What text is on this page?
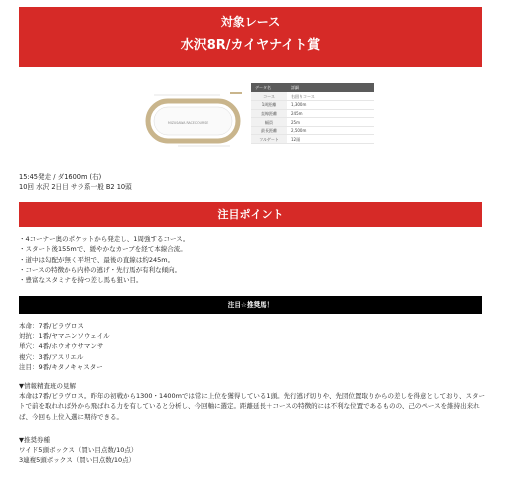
対象レース
水沢8R/カイヤナイト賞
MIZUSAWA RACECOURSE
データ名	詳細
コース	右回りコース
1周距離	1,300m
直線距離	245m
幅員	25m
最長距離	2,500m
フルゲート	12頭
15:45発走 / ダ1600m (右)
10回 水沢 2日目 サラ系一般 B2 10頭
注目ポイント
・4コーナー奥のポケットから発走し、1周強するコース。
・スタート後155mで、緩やかなカーブを経て本線合流。
・道中は勾配が無く平坦で、最後の直線は約245m。
・コースの特徴から内枠の逃げ・先行馬が有利な傾向。
・豊富なスタミナを持つ差し馬も狙い目。
注目☆推奨馬！
本命：7番/ピラヴロス
対抗：1番/ヤマニンソウェイル
単穴：4番/ホウオウサマンサ
複穴：3番/アスリエル
注目：9番/キタノキャスター
▼情報精査班の見解
本命は7番/ピラヴロス。昨年の初戦から1300・1400mでは常に上位を獲得している1頭。先行逃げ切りや、先団位置取りからの差しを得意としており、スタートで前を取れれば外から飛ばれる力を有していると分析し、今回軸に選定。距離延長＋コースの特徴的には不利な位置であるものの、己のペースを維持出来れば、今回も上位入選に期待できる。
▼推奨券種
ワイド5頭ボックス（買い目点数/10点）
3連複5頭ボックス（買い目点数/10点）
